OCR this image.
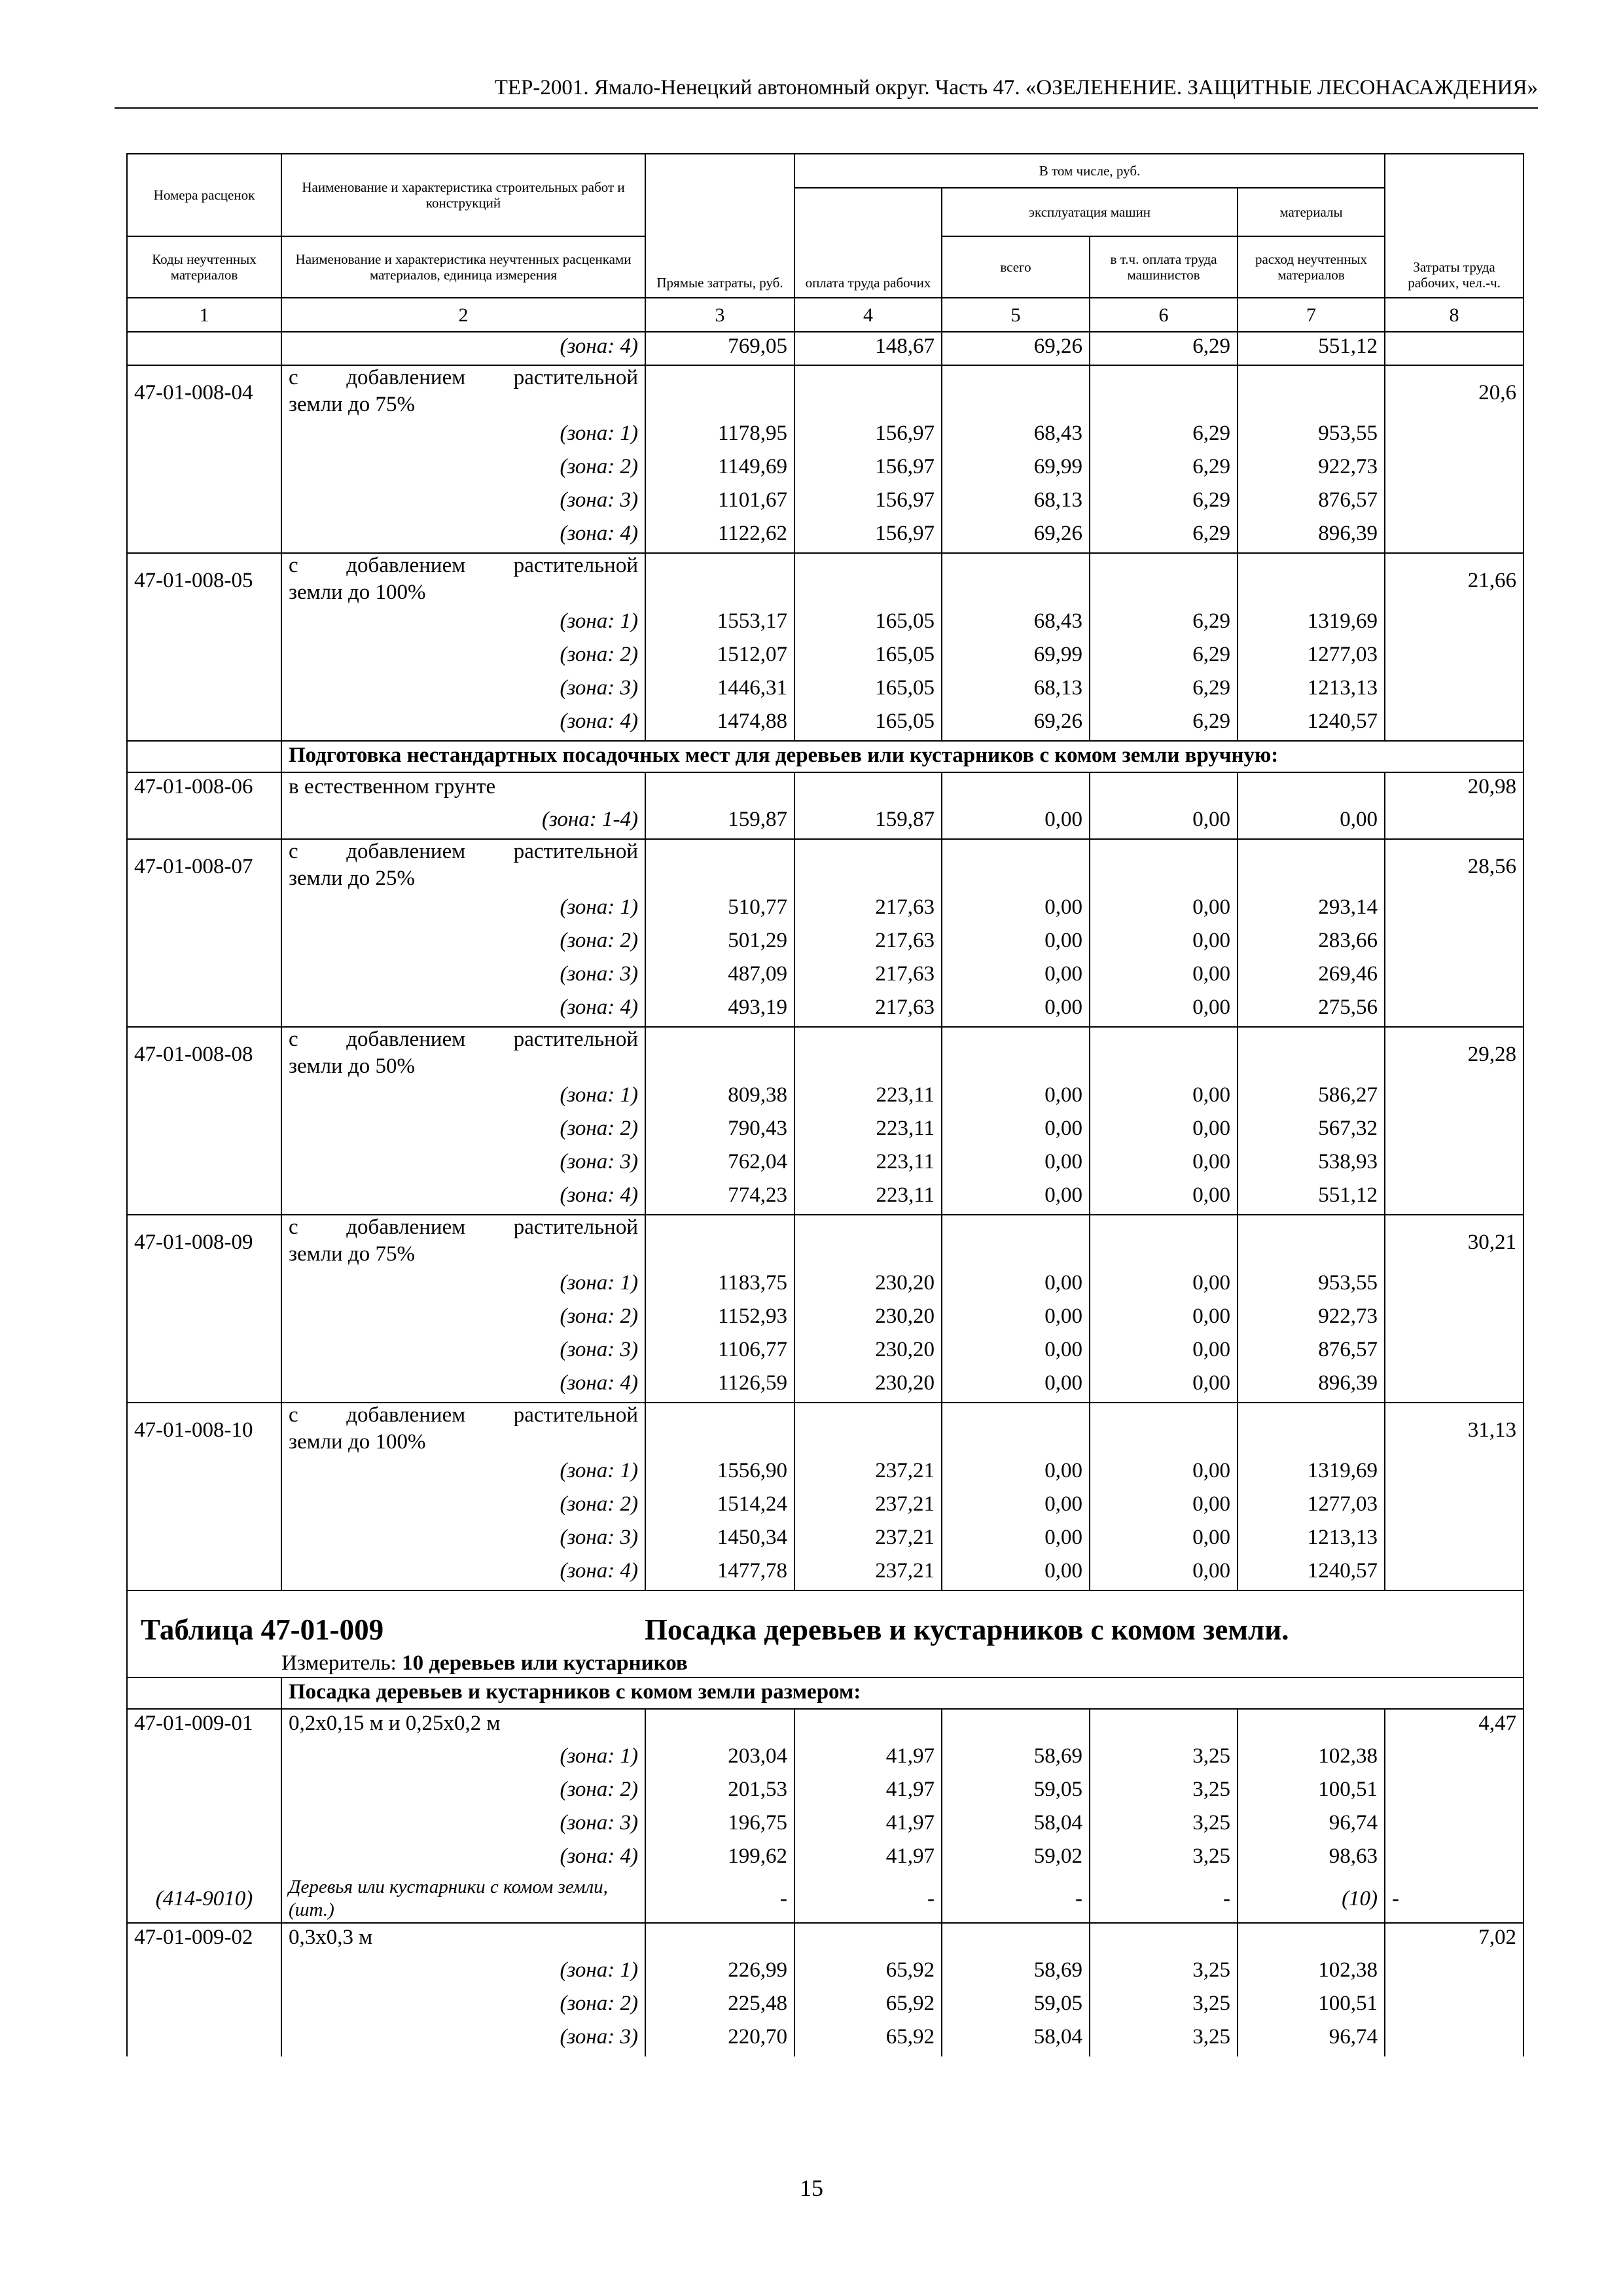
ТЕР-2001. Ямало-Ненецкий автономный округ. Часть 47. «ОЗЕЛЕНЕНИЕ. ЗАЩИТНЫЕ ЛЕСОНАСАЖДЕНИЯ»
Номера расценок	Наименование и характеристика строительных работ и конструкций	Прямые затраты, руб.	В том числе, руб.				Затраты труда рабочих, чел.-ч.
			оплата труда рабочих	эксплуатация машин		материалы	
Коды неучтенных материалов	Наименование и характеристика неучтенных расценками материалов, единица измерения			всего	в т.ч. оплата труда машинистов	расход неучтенных материалов	
1	2	3	4	5	6	7	8
	(зона: 4)	769,05	148,67	69,26	6,29	551,12	
47-01-008-04	с добавлением растительной						20,6
	земли до 75%						
	(зона: 1)	1178,95	156,97	68,43	6,29	953,55	
	(зона: 2)	1149,69	156,97	69,99	6,29	922,73	
	(зона: 3)	1101,67	156,97	68,13	6,29	876,57	
	(зона: 4)	1122,62	156,97	69,26	6,29	896,39	
47-01-008-05	с добавлением растительной						21,66
	земли до 100%						
	(зона: 1)	1553,17	165,05	68,43	6,29	1319,69	
	(зона: 2)	1512,07	165,05	69,99	6,29	1277,03	
	(зона: 3)	1446,31	165,05	68,13	6,29	1213,13	
	(зона: 4)	1474,88	165,05	69,26	6,29	1240,57	
	Подготовка нестандартных посадочных мест для деревьев или кустарников с комом земли вручную:						
47-01-008-06	в естественном грунте						20,98
	(зона: 1-4)	159,87	159,87	0,00	0,00	0,00	
47-01-008-07	с добавлением растительной						28,56
	земли до 25%						
	(зона: 1)	510,77	217,63	0,00	0,00	293,14	
	(зона: 2)	501,29	217,63	0,00	0,00	283,66	
	(зона: 3)	487,09	217,63	0,00	0,00	269,46	
	(зона: 4)	493,19	217,63	0,00	0,00	275,56	
47-01-008-08	с добавлением растительной						29,28
	земли до 50%						
	(зона: 1)	809,38	223,11	0,00	0,00	586,27	
	(зона: 2)	790,43	223,11	0,00	0,00	567,32	
	(зона: 3)	762,04	223,11	0,00	0,00	538,93	
	(зона: 4)	774,23	223,11	0,00	0,00	551,12	
47-01-008-09	с добавлением растительной						30,21
	земли до 75%						
	(зона: 1)	1183,75	230,20	0,00	0,00	953,55	
	(зона: 2)	1152,93	230,20	0,00	0,00	922,73	
	(зона: 3)	1106,77	230,20	0,00	0,00	876,57	
	(зона: 4)	1126,59	230,20	0,00	0,00	896,39	
47-01-008-10	с добавлением растительной						31,13
	земли до 100%						
	(зона: 1)	1556,90	237,21	0,00	0,00	1319,69	
	(зона: 2)	1514,24	237,21	0,00	0,00	1277,03	
	(зона: 3)	1450,34	237,21	0,00	0,00	1213,13	
	(зона: 4)	1477,78	237,21	0,00	0,00	1240,57	

Таблица 47-01-009 Посадка деревьев и кустарников с комом земли.
Измеритель: 10 деревьев или кустарников							

	Посадка деревьев и кустарников с комом земли размером:						
47-01-009-01	0,2х0,15 м и 0,25х0,2 м						4,47
	(зона: 1)	203,04	41,97	58,69	3,25	102,38	
	(зона: 2)	201,53	41,97	59,05	3,25	100,51	
	(зона: 3)	196,75	41,97	58,04	3,25	96,74	
	(зона: 4)	199,62	41,97	59,02	3,25	98,63	
(414-9010)	Деревья или кустарники с комом земли, (шт.)	-	-	-	-	(10)	-
47-01-009-02	0,3х0,3 м						7,02
	(зона: 1)	226,99	65,92	58,69	3,25	102,38	
	(зона: 2)	225,48	65,92	59,05	3,25	100,51	
	(зона: 3)	220,70	65,92	58,04	3,25	96,74	
15
